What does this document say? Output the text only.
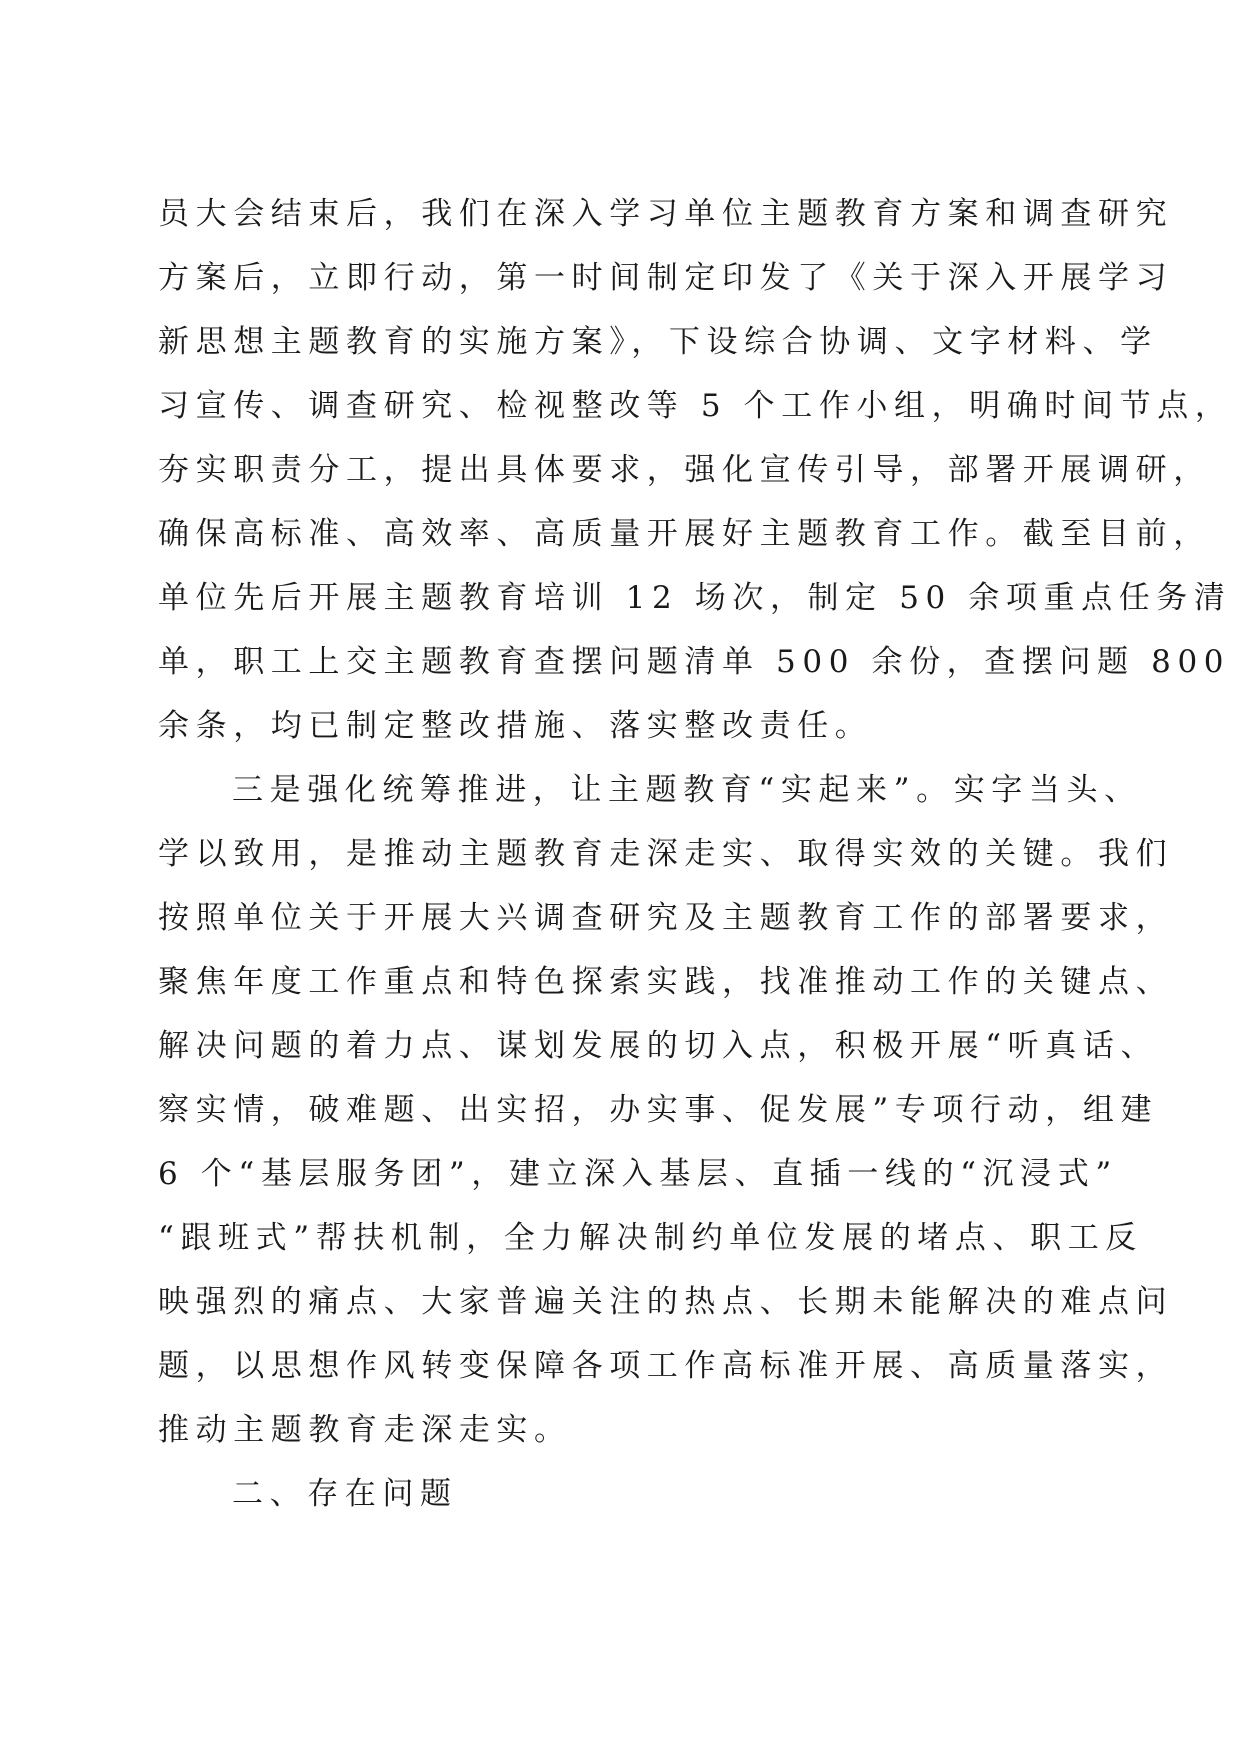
员大会结束后，我们在深入学习单位主题教育方案和调查研究
方案后，立即行动，第一时间制定印发了《关于深入开展学习
新思想主题教育的实施方案》，下设综合协调、文字材料、学
习宣传、调查研究、检视整改等 5 个工作小组，明确时间节点，
夯实职责分工，提出具体要求，强化宣传引导，部署开展调研，
确保高标准、高效率、高质量开展好主题教育工作。截至目前，
单位先后开展主题教育培训 12 场次，制定 50 余项重点任务清
单，职工上交主题教育查摆问题清单 500 余份，查摆问题 800
余条，均已制定整改措施、落实整改责任。
三是强化统筹推进，让主题教育“实起来”。实字当头、
学以致用，是推动主题教育走深走实、取得实效的关键。我们
按照单位关于开展大兴调查研究及主题教育工作的部署要求，
聚焦年度工作重点和特色探索实践，找准推动工作的关键点、
解决问题的着力点、谋划发展的切入点，积极开展“听真话、
察实情，破难题、出实招，办实事、促发展”专项行动，组建
6 个“基层服务团”，建立深入基层、直插一线的“沉浸式”
“跟班式”帮扶机制，全力解决制约单位发展的堵点、职工反
映强烈的痛点、大家普遍关注的热点、长期未能解决的难点问
题，以思想作风转变保障各项工作高标准开展、高质量落实，
推动主题教育走深走实。
二、存在问题
